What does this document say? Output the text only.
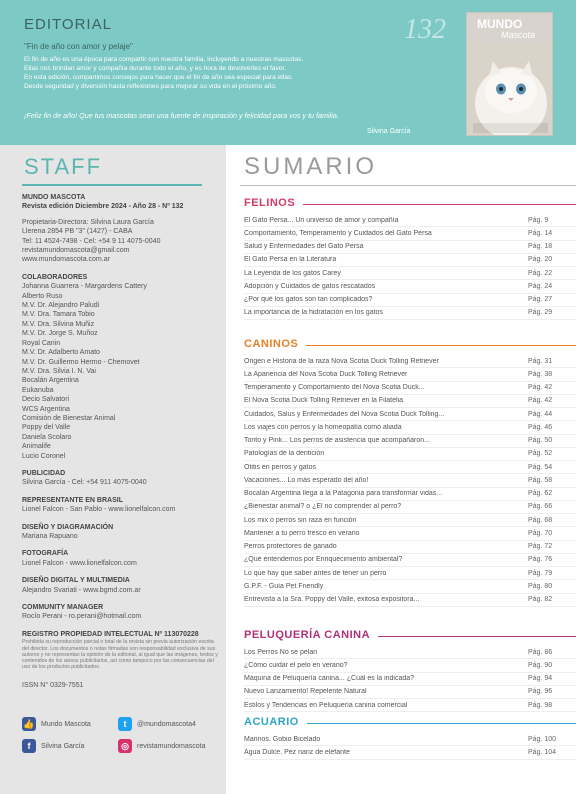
EDITORIAL
"Fin de año con amor y pelaje"

El fin de año es una época para compartir con nuestra familia, incluyendo a nuestras mascotas.

Ellas nos brindan amor y compañía durante todo el año, y es hora de devolverles el favor.

En esta edición, compartimos consejos para hacer que el fin de año sea especial para ellas.

Desde seguridad y diversión hasta reflexiones para mejorar su vida en el próximo año.

¡Feliz fin de año! Que tus mascotas sean una fuente de inspiración y felicidad para vos y tu familia.
Silvina García
132	MUNDO
Mascota
STAFF
MUNDO MASCOTA
Revista edición Diciembre 2024 - Año 28 - Nº 132
Propietaria-Directora: Silvina Laura García
Llerena 2854 PB "3" (1427) - CABA
Tel: 11 4524-7498 - Cel: +54 9 11 4075-0040
revistamundomascota@gmail.com
www.mundomascota.com.ar
COLABORADORES
Johanna Guarrera - Margardens Cattery
Alberto Ruso
M.V. Dr. Alejandro Paludi
M.V. Dra. Tamara Tobio
M.V. Dra. Silvina Muñiz
M.V. Dr. Jorge S. Muñoz
Royal Canin
M.V. Dr. Adalberto Amato
M.V. Dr. Guillermo Hermo - Chemovet
M.V. Dra. Silvia I. N. Vai
Bocalán Argentina
Eukanuba
Decio Salvatori
WCS Argentina
Comisión de Bienestar Animal
Poppy del Valle
Daniela Scolaro
Animalife
Lucio Coronel
PUBLICIDAD
Silvina García - Cel: +54 911 4075-0040
REPRESENTANTE EN BRASIL
Lionel Falcon - San Pablo - www.lionelfalcon.com
DISEÑO Y DIAGRAMACIÓN
Mariana Rapuano
FOTOGRAFÍA
Lionel Falcon - www.lionelfalcon.com
DISEÑO DIGITAL Y MULTIMEDIA
Alejandro Svariati - www.bgmd.com.ar
COMMUNITY MANAGER
Rocío Perani - ro.perani@hotmail.com
REGISTRO PROPIEDAD INTELECTUAL Nº 113070228
Prohibida su reproducción parcial o total de la revista sin previa autorización escrita del director. Los documentos o notas firmadas son responsabilidad exclusiva de sus autores y no representan la opinión de la editorial, al igual que las imágenes, textos y contenidos de los avisos publicitarios, así como tampoco por las consecuencias del uso de los productos publicitados.
ISSN N° 0329-7551
👍 Mundo Mascota	t	@mundomascota4
f	Silvina García	◎	revistamundomascota
SUMARIO
FELINOS
El Gato Persa... Un universo de amor y compañía	Pág. 9
Comportamiento, Temperamento y Cuidados del Gato Persa	Pág. 14
Salud y Enfermedades del Gato Persa	Pág. 18
El Gato Persa en la Literatura	Pág. 20
La Leyenda de los gatos Carey	Pág. 22
Adopción y Cuidados de gatos rescatados	Pág. 24
¿Por qué los gatos son tan complicados?	Pág. 27
La importancia de la hidratación en los gatos	Pág. 29
CANINOS
Origen e Historia de la raza Nova Scotia Duck Tolling Retriever	Pág. 31
La Apariencia del Nova Scotia Duck Tolling Retriever	Pág. 38
Temperamento y Comportamiento del Nova Scotia Duck...	Pág. 42
El Nova Scotia Duck Tolling Retriever en la Filatelia	Pág. 42
Cuidados, Salus y Enfermedades del Nova Scotia Duck Tolling...	Pág. 44
Los viajes con perros y la homeopatía como aliada	Pág. 46
Torito y Pink... Los perros de asistencia que acompañaron...	Pág. 50
Patologías de la dentición	Pág. 52
Otitis en perros y gatos	Pág. 54
Vacaciones... Lo más esperado del año!	Pág. 58
Bocalán Argentina llega a la Patagonia para transformar vidas...	Pág. 62
¿Bienestar animal? o ¿El no comprender al perro?	Pág. 66
Los mix o perros sin raza en función	Pág. 68
Mantener a tu perro fresco en verano	Pág. 70
Perros protectores de ganado	Pág. 72
¿Qué entendemos por Enriquecimiento ambiental?	Pág. 76
Lo que hay que saber antes de tener un perro	Pág. 79
G.P.F. - Guía Pet Friendly	Pág. 80
Entrevista a la Sra. Poppy del Valle, exitosa expositora...	Pág. 82
PELUQUERÍA CANINA
Los Perros No se pelan	Pág. 86
¿Cómo cuidar el pelo en verano?	Pág. 90
Máquina de Peluquería canina... ¿Cuál es la indicada?	Pág. 94
Nuevo Lanzamiento! Repelente Natural	Pág. 96
Estilos y Tendencias en Peluquería canina comercial	Pág. 98
ACUARIO
Marinos. Gobio Bicelado	Pág. 100
Agua Dulce. Pez nariz de elefante	Pág. 104
